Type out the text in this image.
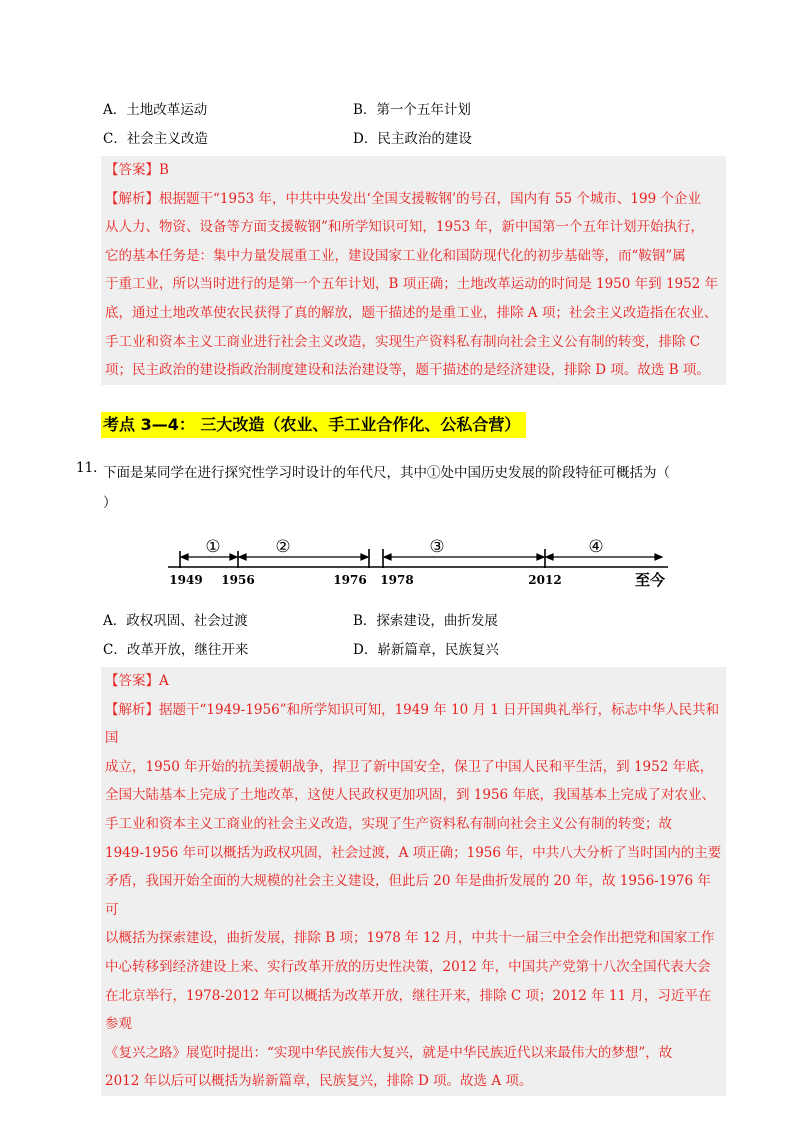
A．土地改革运动	B．第一个五年计划
C．社会主义改造	D．民主政治的建设

【答案】B

【解析】根据题干“1953 年，中共中央发出‘全国支援鞍钢’的号召，国内有 55 个城市、199 个企业

从人力、物资、设备等方面支援鞍钢”和所学知识可知，1953 年，新中国第一个五年计划开始执行，

它的基本任务是：集中力量发展重工业，建设国家工业化和国防现代化的初步基础等，而“鞍钢”属

于重工业，所以当时进行的是第一个五年计划，B 项正确；土地改革运动的时间是 1950 年到 1952 年

底，通过土地改革使农民获得了真的解放，题干描述的是重工业，排除 A 项；社会主义改造指在农业、

手工业和资本主义工商业进行社会主义改造，实现生产资料私有制向社会主义公有制的转变，排除 C

项；民主政治的建设指政治制度建设和法治建设等，题干描述的是经济建设，排除 D 项。故选 B 项。

考点 3—4： 三大改造（农业、手工业合作化、公私合营）
11．
下面是某同学在进行探究性学习时设计的年代尺，其中①处中国历史发展的阶段特征可概括为（
）
①	②	③	④
1949 1956	1976 1978	2012	至今
A．政权巩固、社会过渡	B．探索建设，曲折发展
C．改革开放，继往开来	D．崭新篇章，民族复兴

【答案】A

【解析】据题干“1949-1956”和所学知识可知，1949 年 10 月 1 日开国典礼举行，标志中华人民共和国

成立，1950 年开始的抗美援朝战争，捍卫了新中国安全，保卫了中国人民和平生活，到 1952 年底，

全国大陆基本上完成了土地改革，这使人民政权更加巩固，到 1956 年底，我国基本上完成了对农业、

手工业和资本主义工商业的社会主义改造，实现了生产资料私有制向社会主义公有制的转变；故

1949-1956 年可以概括为政权巩固，社会过渡，A 项正确；1956 年，中共八大分析了当时国内的主要

矛盾，我国开始全面的大规模的社会主义建设，但此后 20 年是曲折发展的 20 年，故 1956-1976 年可

以概括为探索建设，曲折发展，排除 B 项；1978 年 12 月，中共十一届三中全会作出把党和国家工作

中心转移到经济建设上来、实行改革开放的历史性决策，2012 年，中国共产党第十八次全国代表大会

在北京举行，1978-2012 年可以概括为改革开放，继往开来，排除 C 项；2012 年 11 月，习近平在参观

《复兴之路》展览时提出：“实现中华民族伟大复兴，就是中华民族近代以来最伟大的梦想”，故

2012 年以后可以概括为崭新篇章，民族复兴，排除 D 项。故选 A 项。
